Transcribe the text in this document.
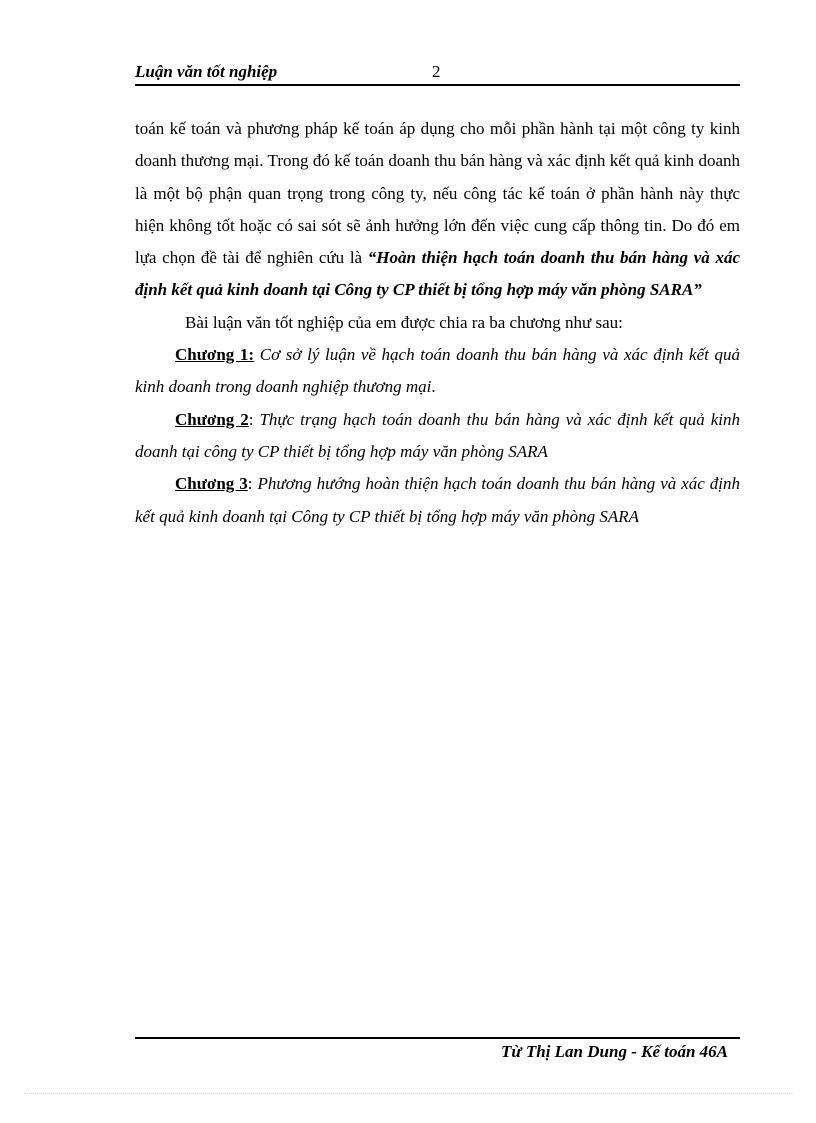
Luận văn tốt nghiệp	2

toán kế toán và phương pháp kế toán áp dụng cho mỗi phần hành tại một công ty kinh doanh thương mại. Trong đó kế toán doanh thu bán hàng và xác định kết quả kinh doanh là một bộ phận quan trọng trong công ty, nếu công tác kế toán ở phần hành này thực hiện không tốt hoặc có sai sót sẽ ảnh hưởng lớn đến việc cung cấp thông tin. Do đó em lựa chọn đề tài để nghiên cứu là “Hoàn thiện hạch toán doanh thu bán hàng và xác định kết quả kinh doanh tại Công ty CP thiết bị tổng hợp máy văn phòng SARA”

Bài luận văn tốt nghiệp của em được chia ra ba chương như sau:

Chương 1: Cơ sở lý luận về hạch toán doanh thu bán hàng và xác định kết quả kinh doanh trong doanh nghiệp thương mại.

Chương 2: Thực trạng hạch toán doanh thu bán hàng và xác định kết quả kinh doanh tại công ty CP thiết bị tổng hợp máy văn phòng SARA

Chương 3: Phương hướng hoàn thiện hạch toán doanh thu bán hàng và xác định kết quả kinh doanh tại Công ty CP thiết bị tổng hợp máy văn phòng SARA

Từ Thị Lan Dung - Kế toán 46A
